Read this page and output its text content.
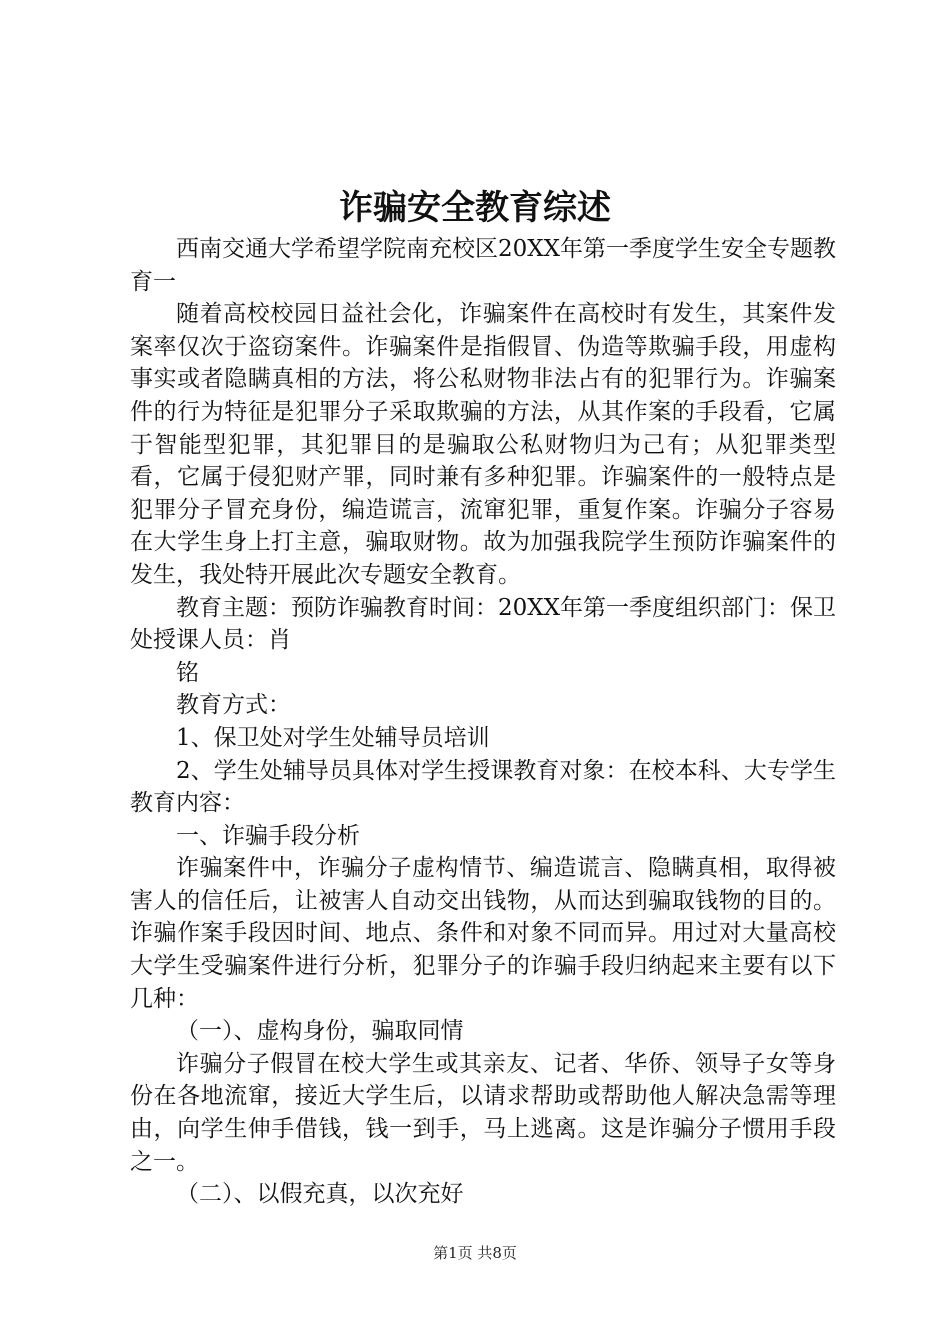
诈骗安全教育综述

西南交通大学希望学院南充校区20XX年第一季度学生安全专题教育一

随着高校校园日益社会化，诈骗案件在高校时有发生，其案件发案率仅次于盗窃案件。诈骗案件是指假冒、伪造等欺骗手段，用虚构事实或者隐瞒真相的方法，将公私财物非法占有的犯罪行为。诈骗案件的行为特征是犯罪分子采取欺骗的方法，从其作案的手段看，它属于智能型犯罪，其犯罪目的是骗取公私财物归为己有；从犯罪类型看，它属于侵犯财产罪，同时兼有多种犯罪。诈骗案件的一般特点是犯罪分子冒充身份，编造谎言，流窜犯罪，重复作案。诈骗分子容易在大学生身上打主意，骗取财物。故为加强我院学生预防诈骗案件的发生，我处特开展此次专题安全教育。

教育主题：预防诈骗教育时间：20XX年第一季度组织部门：保卫处授课人员：肖

铭

教育方式：

1、保卫处对学生处辅导员培训

2、学生处辅导员具体对学生授课教育对象：在校本科、大专学生教育内容：

一、诈骗手段分析

诈骗案件中，诈骗分子虚构情节、编造谎言、隐瞒真相，取得被害人的信任后，让被害人自动交出钱物，从而达到骗取钱物的目的。诈骗作案手段因时间、地点、条件和对象不同而异。用过对大量高校大学生受骗案件进行分析，犯罪分子的诈骗手段归纳起来主要有以下几种：

（一）、虚构身份，骗取同情

诈骗分子假冒在校大学生或其亲友、记者、华侨、领导子女等身份在各地流窜，接近大学生后，以请求帮助或帮助他人解决急需等理由，向学生伸手借钱，钱一到手，马上逃离。这是诈骗分子惯用手段之一。

（二）、以假充真，以次充好

第1页 共8页
